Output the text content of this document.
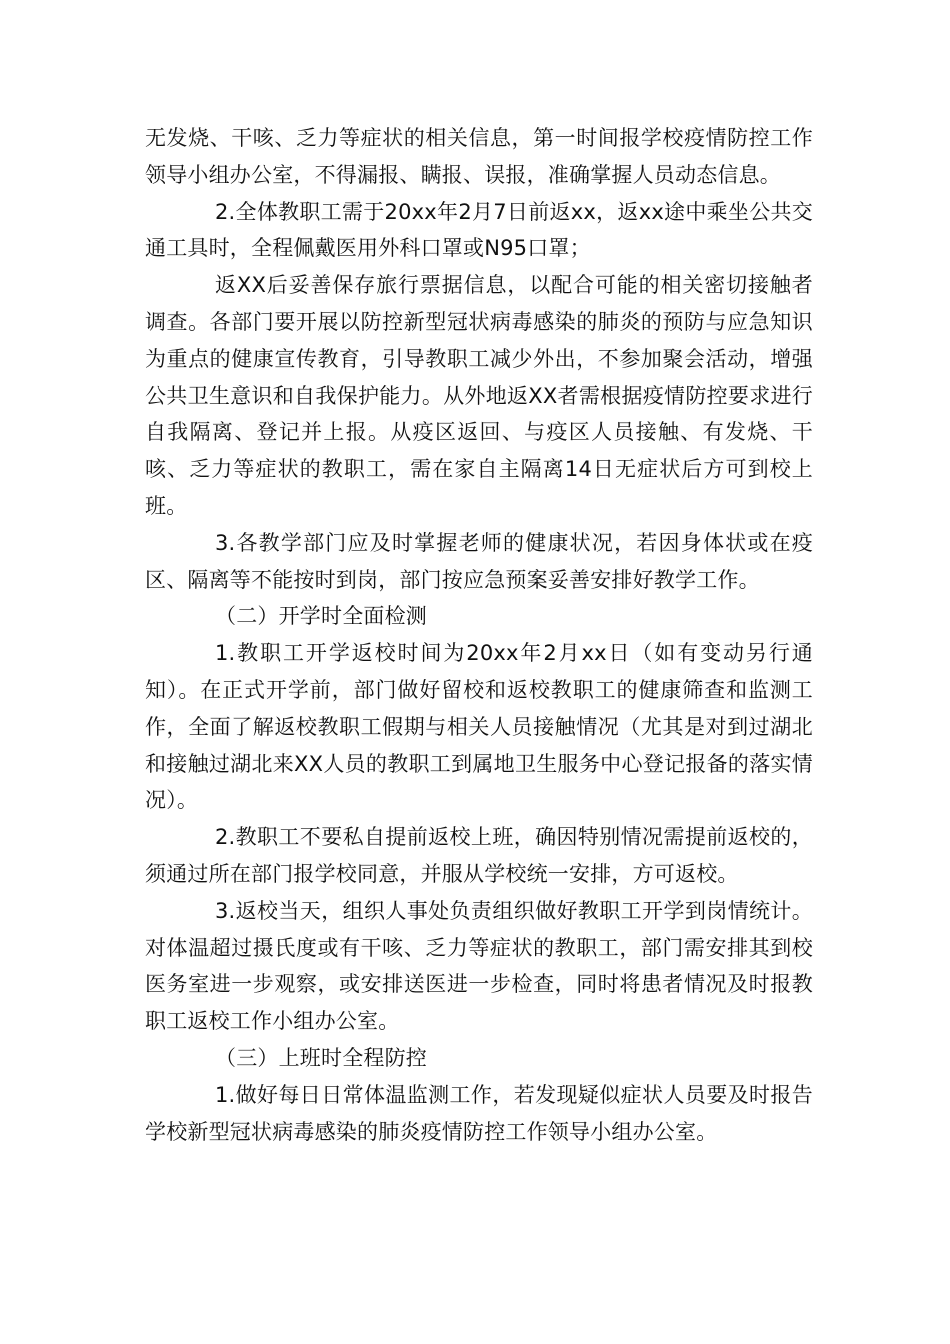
无发烧、干咳、乏力等症状的相关信息，第一时间报学校疫情防控工作领导小组办公室，不得漏报、瞒报、误报，准确掌握人员动态信息。

2.全体教职工需于20xx年2月7日前返xx，返xx途中乘坐公共交通工具时，全程佩戴医用外科口罩或N95口罩；

返XX后妥善保存旅行票据信息，以配合可能的相关密切接触者调查。各部门要开展以防控新型冠状病毒感染的肺炎的预防与应急知识为重点的健康宣传教育，引导教职工减少外出，不参加聚会活动，增强公共卫生意识和自我保护能力。从外地返XX者需根据疫情防控要求进行自我隔离、登记并上报。从疫区返回、与疫区人员接触、有发烧、干咳、乏力等症状的教职工，需在家自主隔离14日无症状后方可到校上班。

3.各教学部门应及时掌握老师的健康状况，若因身体状或在疫区、隔离等不能按时到岗，部门按应急预案妥善安排好教学工作。

（二）开学时全面检测

1.教职工开学返校时间为20xx年2月xx日（如有变动另行通知）。在正式开学前，部门做好留校和返校教职工的健康筛查和监测工作，全面了解返校教职工假期与相关人员接触情况（尤其是对到过湖北和接触过湖北来XX人员的教职工到属地卫生服务中心登记报备的落实情况）。

2.教职工不要私自提前返校上班，确因特别情况需提前返校的，须通过所在部门报学校同意，并服从学校统一安排，方可返校。

3.返校当天，组织人事处负责组织做好教职工开学到岗情统计。对体温超过摄氏度或有干咳、乏力等症状的教职工，部门需安排其到校医务室进一步观察，或安排送医进一步检查，同时将患者情况及时报教职工返校工作小组办公室。

（三）上班时全程防控

1.做好每日日常体温监测工作，若发现疑似症状人员要及时报告学校新型冠状病毒感染的肺炎疫情防控工作领导小组办公室。
